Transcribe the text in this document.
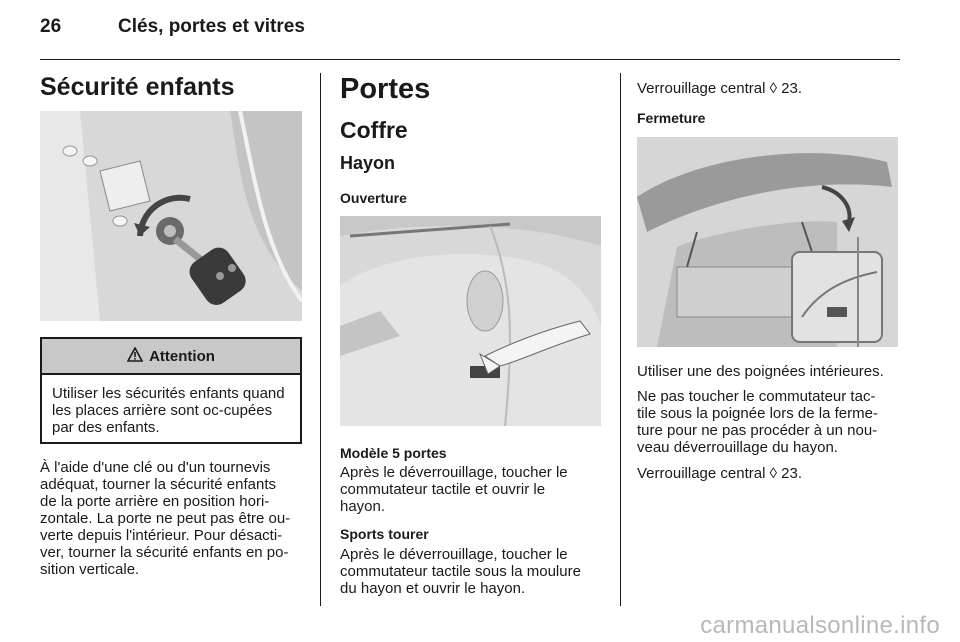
26	Clés, portes et vitres
Sécurité enfants
Attention
Utiliser les sécurités enfants quand les places arrière sont oc-cupées par des enfants.

À l'aide d'une clé ou d'un tournevis

adéquat, tourner la sécurité enfants

de la porte arrière en position hori-

zontale. La porte ne peut pas être ou-

verte depuis l'intérieur. Pour désacti-

ver, tourner la sécurité enfants en po-

sition verticale.

Portes
Coffre
Hayon
Ouverture
Modèle 5 portes

Après le déverrouillage, toucher le

commutateur tactile et ouvrir le

hayon.

Sports tourer

Après le déverrouillage, toucher le

commutateur tactile sous la moulure

du hayon et ouvrir le hayon.

Verrouillage central ◊ 23.
Fermeture
Utiliser une des poignées intérieures.

Ne pas toucher le commutateur tac-

tile sous la poignée lors de la ferme-

ture pour ne pas procéder à un nou-

veau déverrouillage du hayon.

Verrouillage central ◊ 23.
carmanualsonline.info
